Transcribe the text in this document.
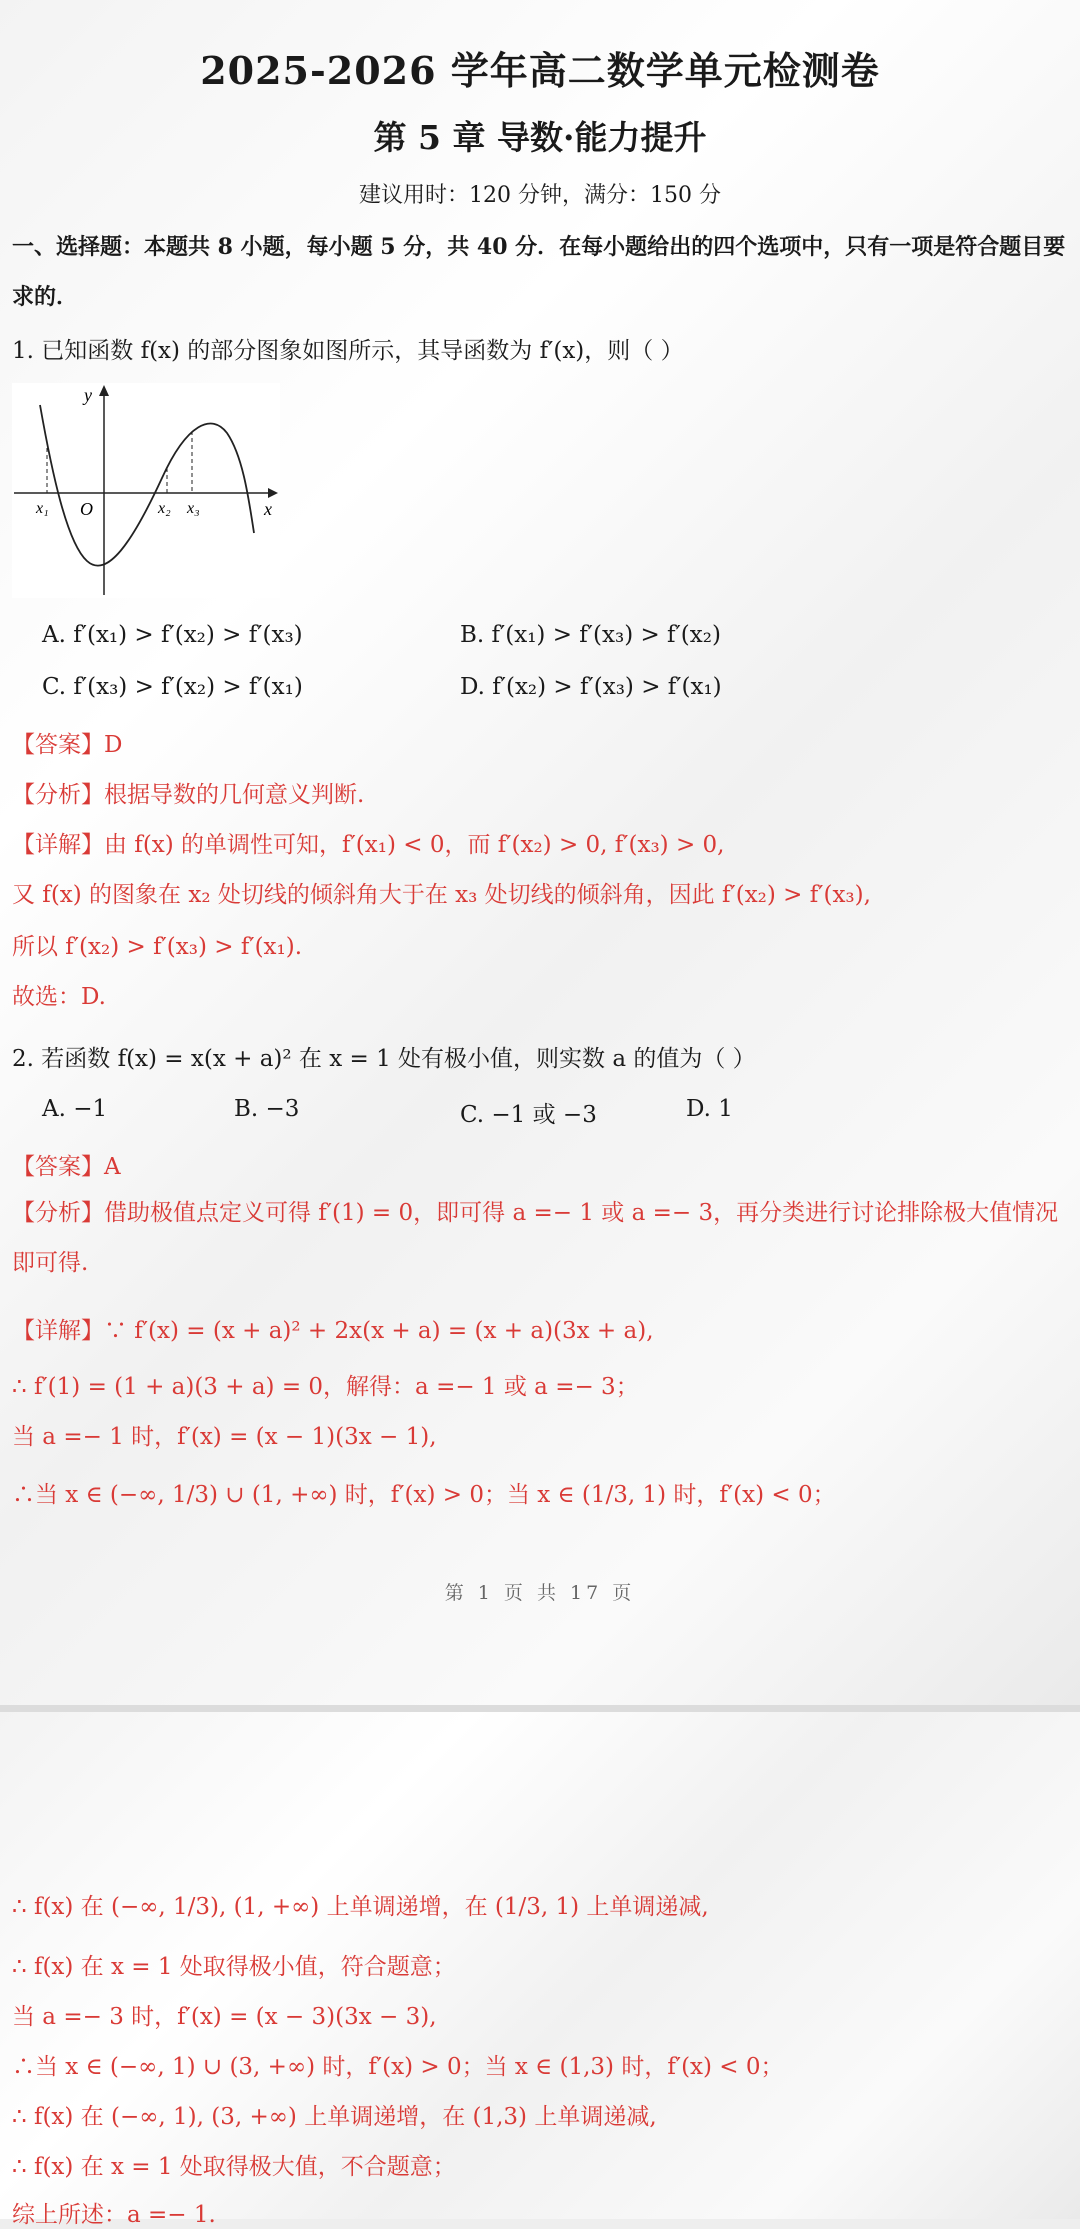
2025-2026 学年高二数学单元检测卷
第 5 章 导数·能力提升
建议用时：120 分钟，满分：150 分
一、选择题：本题共 8 小题，每小题 5 分，共 40 分．在每小题给出的四个选项中，只有一项是符合题目要求的．
1. 已知函数 f(x) 的部分图象如图所示，其导函数为 f′(x)，则（ ）
y
x
O
x₁	x₂ x₃
A. f′(x₁) > f′(x₂) > f′(x₃)	B. f′(x₁) > f′(x₃) > f′(x₂)
C. f′(x₃) > f′(x₂) > f′(x₁)	D. f′(x₂) > f′(x₃) > f′(x₁)
【答案】D
【分析】根据导数的几何意义判断.
【详解】由 f(x) 的单调性可知，f′(x₁) < 0，而 f′(x₂) > 0, f′(x₃) > 0,
又 f(x) 的图象在 x₂ 处切线的倾斜角大于在 x₃ 处切线的倾斜角，因此 f′(x₂) > f′(x₃),
所以 f′(x₂) > f′(x₃) > f′(x₁).
故选：D.
2. 若函数 f(x) = x(x + a)² 在 x = 1 处有极小值，则实数 a 的值为（ ）
A. −1	B. −3	C. −1 或 −3	D. 1
【答案】A
【分析】借助极值点定义可得 f′(1) = 0，即可得 a =− 1 或 a =− 3，再分类进行讨论排除极大值情况即可得.
【详解】∵ f′(x) = (x + a)² + 2x(x + a) = (x + a)(3x + a),
∴ f′(1) = (1 + a)(3 + a) = 0，解得：a =− 1 或 a =− 3；
当 a =− 1 时，f′(x) = (x − 1)(3x − 1),
∴当 x ∈ (−∞, 1/3) ∪ (1, +∞) 时，f′(x) > 0；当 x ∈ (1/3, 1) 时，f′(x) < 0；
第 1 页 共 17 页
∴ f(x) 在 (−∞, 1/3), (1, +∞) 上单调递增，在 (1/3, 1) 上单调递减,
∴ f(x) 在 x = 1 处取得极小值，符合题意；
当 a =− 3 时，f′(x) = (x − 3)(3x − 3),
∴当 x ∈ (−∞, 1) ∪ (3, +∞) 时，f′(x) > 0；当 x ∈ (1,3) 时，f′(x) < 0；
∴ f(x) 在 (−∞, 1), (3, +∞) 上单调递增，在 (1,3) 上单调递减,
∴ f(x) 在 x = 1 处取得极大值，不合题意；
综上所述：a =− 1.
